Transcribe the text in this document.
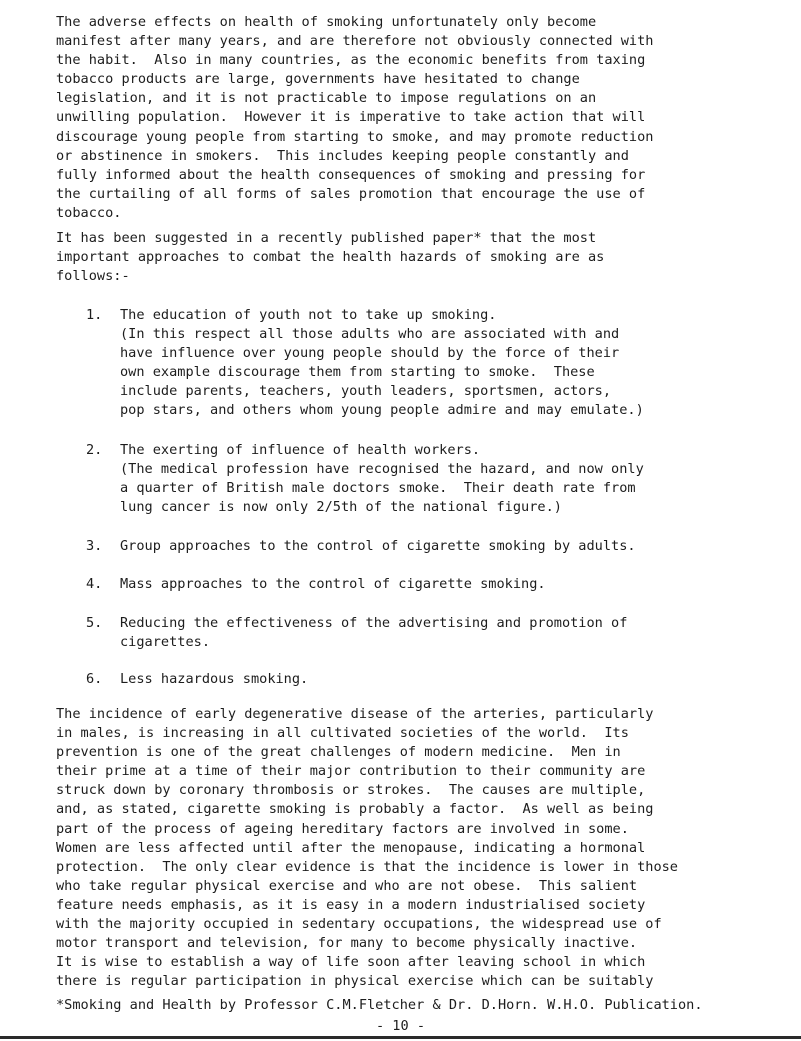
The adverse effects on health of smoking unfortunately only become
manifest after many years, and are therefore not obviously connected with
the habit.  Also in many countries, as the economic benefits from taxing
tobacco products are large, governments have hesitated to change
legislation, and it is not practicable to impose regulations on an
unwilling population.  However it is imperative to take action that will
discourage young people from starting to smoke, and may promote reduction
or abstinence in smokers.  This includes keeping people constantly and
fully informed about the health consequences of smoking and pressing for
the curtailing of all forms of sales promotion that encourage the use of
tobacco.

It has been suggested in a recently published paper* that the most
important approaches to combat the health hazards of smoking are as
follows:-

1. The education of youth not to take up smoking.
(In this respect all those adults who are associated with and
have influence over young people should by the force of their
own example discourage them from starting to smoke.  These
include parents, teachers, youth leaders, sportsmen, actors,
pop stars, and others whom young people admire and may emulate.)
2. The exerting of influence of health workers.
(The medical profession have recognised the hazard, and now only
a quarter of British male doctors smoke.  Their death rate from
lung cancer is now only 2/5th of the national figure.)
3. Group approaches to the control of cigarette smoking by adults.
4. Mass approaches to the control of cigarette smoking.
5. Reducing the effectiveness of the advertising and promotion of
cigarettes.
6. Less hazardous smoking.

The incidence of early degenerative disease of the arteries, particularly
in males, is increasing in all cultivated societies of the world.  Its
prevention is one of the great challenges of modern medicine.  Men in
their prime at a time of their major contribution to their community are
struck down by coronary thrombosis or strokes.  The causes are multiple,
and, as stated, cigarette smoking is probably a factor.  As well as being
part of the process of ageing hereditary factors are involved in some.
Women are less affected until after the menopause, indicating a hormonal
protection.  The only clear evidence is that the incidence is lower in those
who take regular physical exercise and who are not obese.  This salient
feature needs emphasis, as it is easy in a modern industrialised society
with the majority occupied in sedentary occupations, the widespread use of
motor transport and television, for many to become physically inactive.
It is wise to establish a way of life soon after leaving school in which
there is regular participation in physical exercise which can be suitably

*Smoking and Health by Professor C.M.Fletcher & Dr. D.Horn. W.H.O. Publication.

- 10 -
